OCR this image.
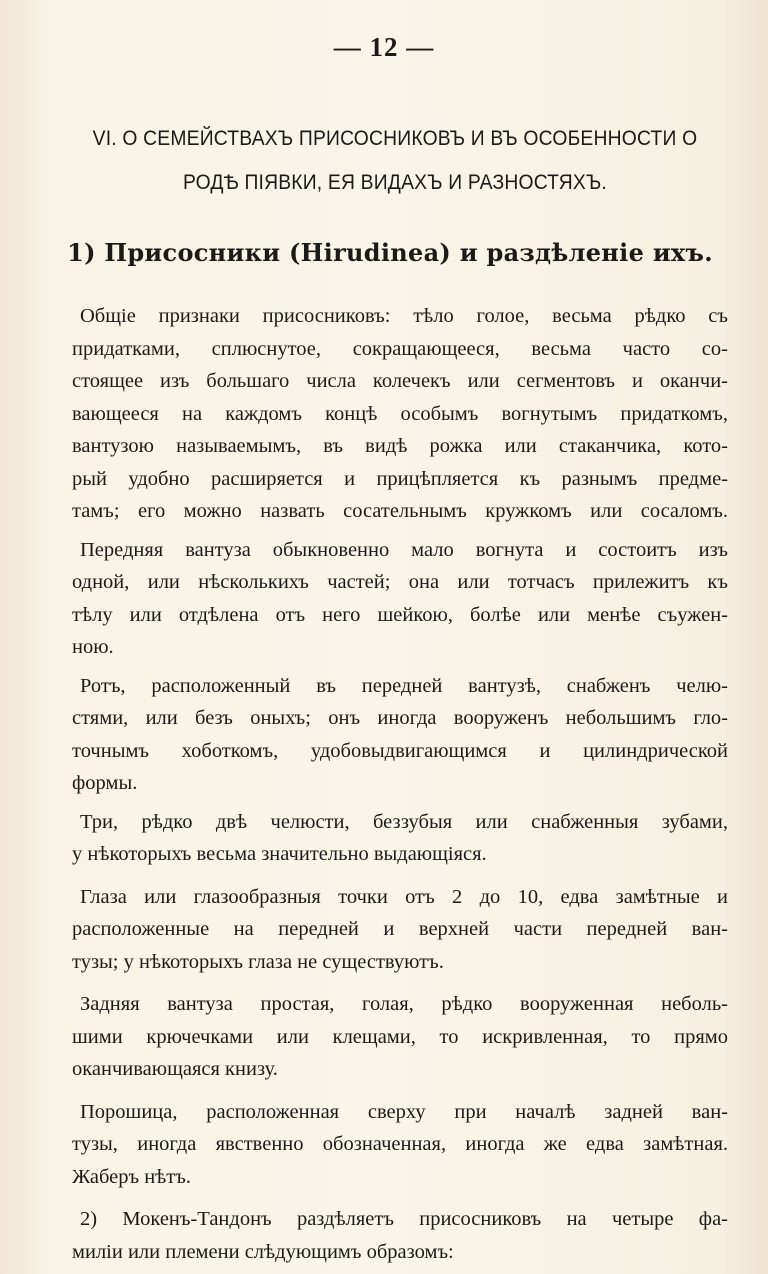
— 12 —
VI. О СЕМЕЙСТВАХЪ ПРИСОСНИКОВЪ И ВЪ ОСОБЕННОСТИ О
РОДѢ ПІЯВКИ, ЕЯ ВИДАХЪ И РАЗНОСТЯХЪ.
1) Присосники (Hirudinea) и раздѣленіе ихъ.
Общіе признаки присосниковъ: тѣло голое, весьма рѣдко съ
придатками, сплюснутое, сокращающееся, весьма часто со-
стоящее изъ большаго числа колечекъ или сегментовъ и оканчи-
вающееся на каждомъ концѣ особымъ вогнутымъ придаткомъ,
вантузою называемымъ, въ видѣ рожка или стаканчика, кото-
рый удобно расширяется и прицѣпляется къ разнымъ предме-
тамъ; его можно назвать сосательнымъ кружкомъ или сосаломъ.
Передняя вантуза обыкновенно мало вогнута и состоитъ изъ
одной, или нѣсколькихъ частей; она или тотчасъ прилежитъ къ
тѣлу или отдѣлена отъ него шейкою, болѣе или менѣе съужен-
ною.
Ротъ, расположенный въ передней вантузѣ, снабженъ челю-
стями, или безъ оныхъ; онъ иногда вооруженъ небольшимъ гло-
точнымъ хоботкомъ, удобовыдвигающимся и цилиндрической
формы.
Три, рѣдко двѣ челюсти, беззубыя или снабженныя зубами,
у нѣкоторыхъ весьма значительно выдающіяся.
Глаза или глазообразныя точки отъ 2 до 10, едва замѣтные и
расположенные на передней и верхней части передней ван-
тузы; у нѣкоторыхъ глаза не существуютъ.
Задняя вантуза простая, голая, рѣдко вооруженная неболь-
шими крючечками или клещами, то искривленная, то прямо
оканчивающаяся книзу.
Порошица, расположенная сверху при началѣ задней ван-
тузы, иногда явственно обозначенная, иногда же едва замѣтная.
Жаберъ нѣтъ.
2) Мокенъ-Тандонъ раздѣляетъ присосниковъ на четыре фа-
миліи или племени слѣдующимъ образомъ:
